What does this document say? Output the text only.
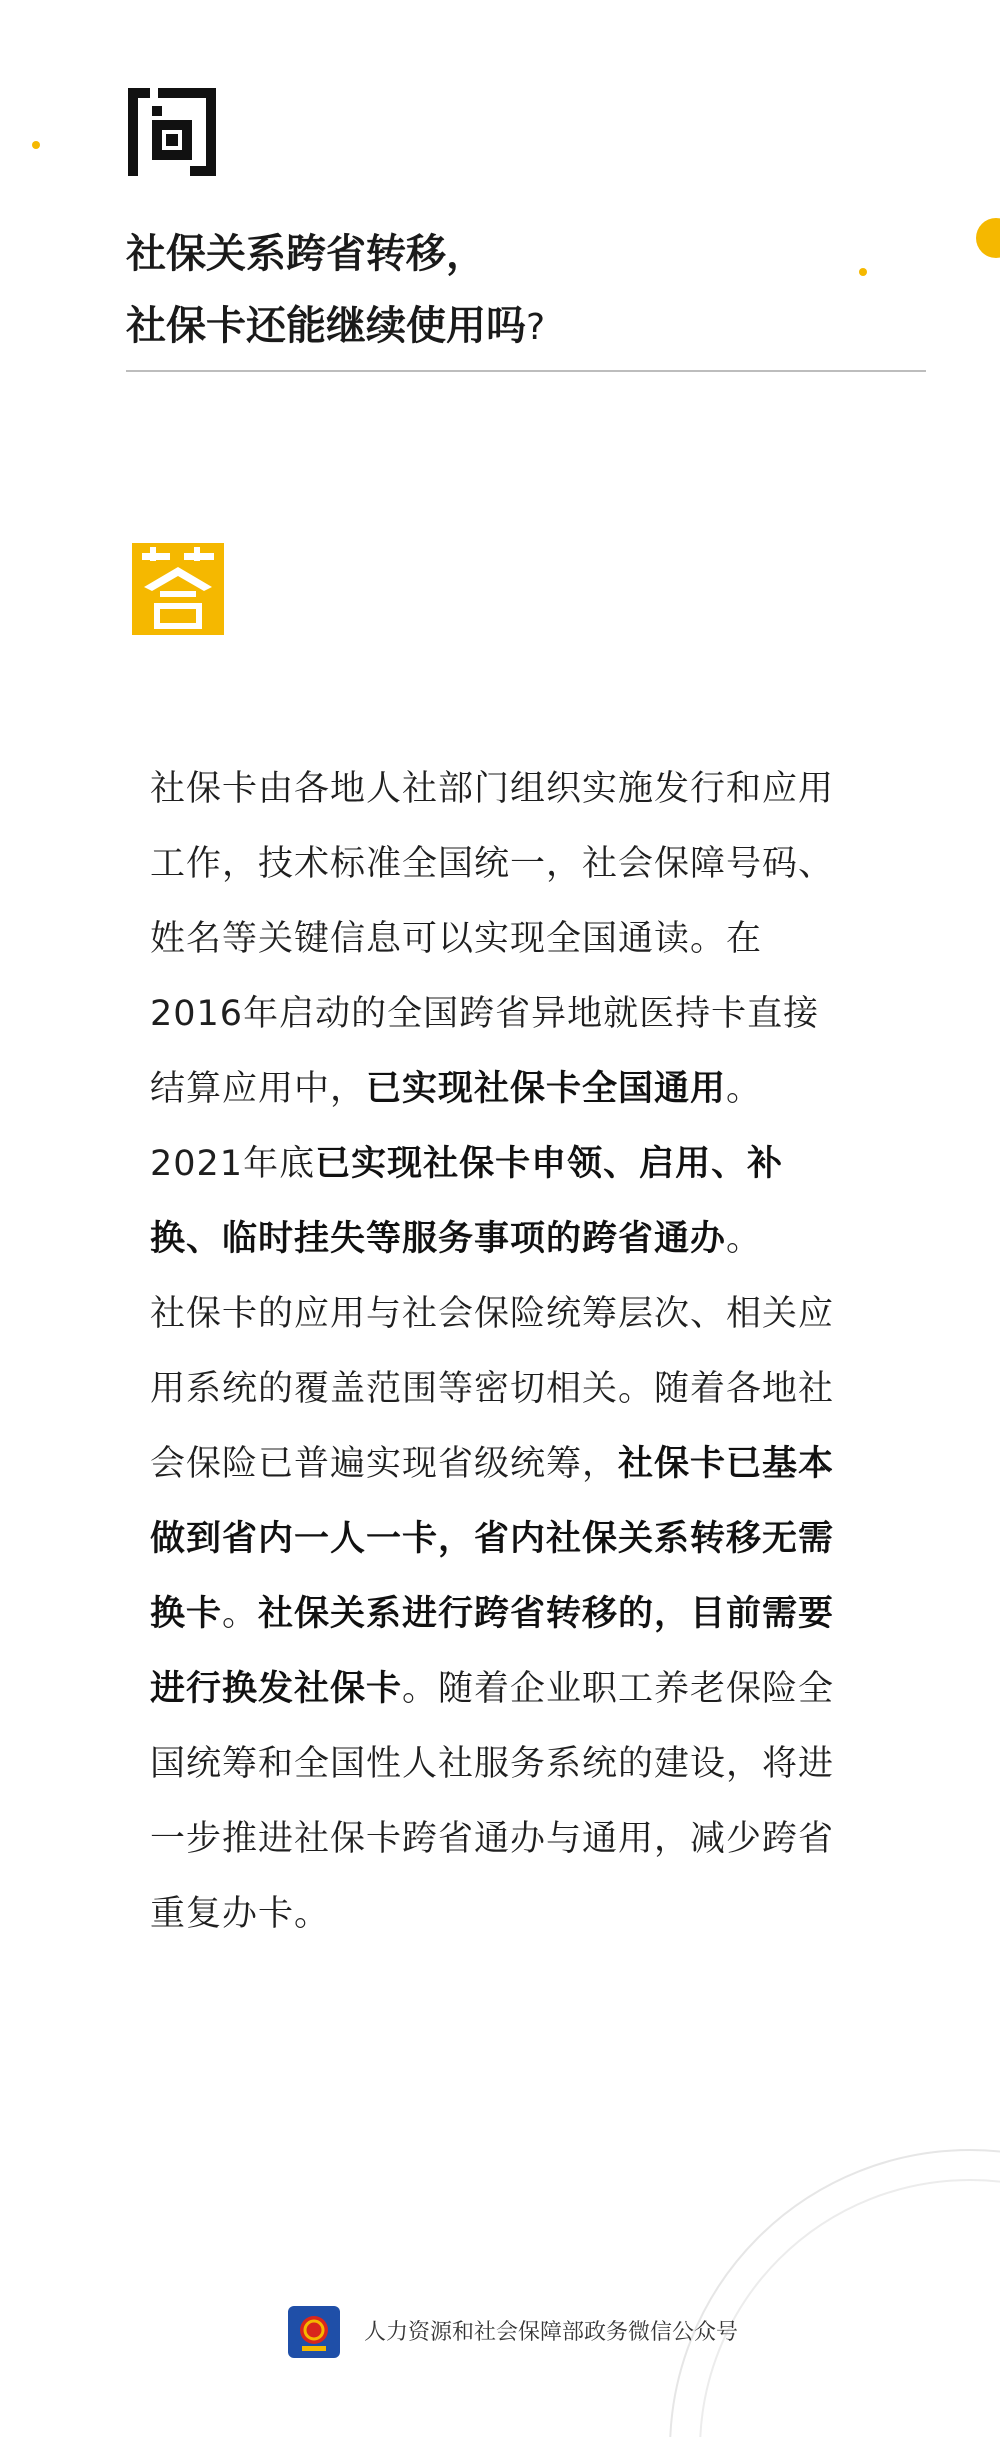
社保关系跨省转移，
社保卡还能继续使用吗?
社保卡由各地人社部门组织实施发行和应用工作，技术标准全国统一，社会保障号码、姓名等关键信息可以实现全国通读。在2016年启动的全国跨省异地就医持卡直接结算应用中，已实现社保卡全国通用。2021年底已实现社保卡申领、启用、补换、临时挂失等服务事项的跨省通办。
社保卡的应用与社会保险统筹层次、相关应用系统的覆盖范围等密切相关。随着各地社会保险已普遍实现省级统筹，社保卡已基本做到省内一人一卡，省内社保关系转移无需换卡。社保关系进行跨省转移的，目前需要进行换发社保卡。随着企业职工养老保险全国统筹和全国性人社服务系统的建设，将进一步推进社保卡跨省通办与通用，减少跨省重复办卡。
人力资源和社会保障部政务微信公众号
